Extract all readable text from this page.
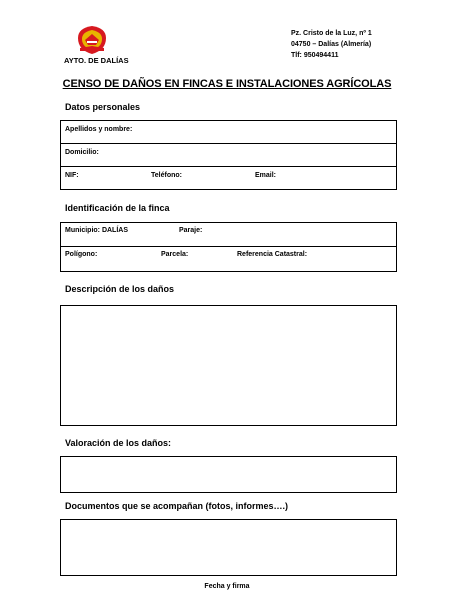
AYTO. DE DALÍAS
Pz. Cristo de la Luz, nº 1
04750 – Dalías (Almería)
Tlf: 950494411
CENSO DE DAÑOS EN FINCAS E INSTALACIONES AGRÍCOLAS
Datos personales
Apellidos y nombre:
Domicilio:
NIF:	Teléfono:	Email:
Identificación de la finca
Municipio: DALÍAS	Paraje:
Polígono:	Parcela:	Referencia Catastral:
Descripción de los daños
Valoración de los daños:
Documentos que se acompañan (fotos, informes….)
Fecha y firma
